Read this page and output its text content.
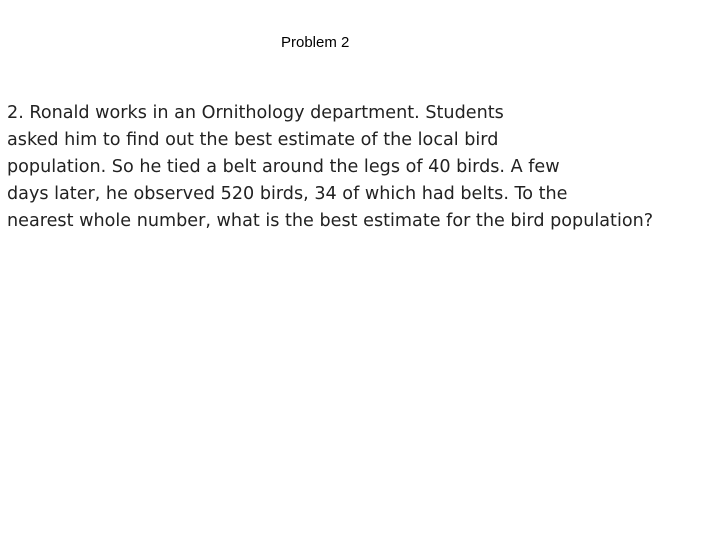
Problem 2
2. Ronald works in an Ornithology department. Students
asked him to find out the best estimate of the local bird
population. So he tied a belt around the legs of 40 birds. A few
days later, he observed 520 birds, 34 of which had belts. To the
nearest whole number, what is the best estimate for the bird population?
